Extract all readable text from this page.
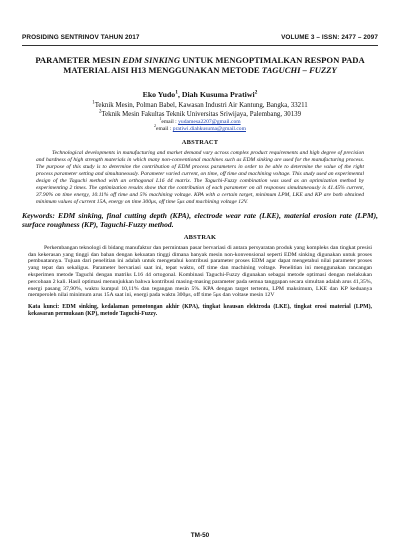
PROSIDING SENTRINOV TAHUN 2017	VOLUME 3 – ISSN: 2477 – 2097
PARAMETER MESIN EDM SINKING UNTUK MENGOPTIMALKAN RESPON PADA MATERIAL AISI H13 MENGGUNAKAN METODE TAGUCHI – FUZZY
Eko Yudo$^1$, Diah Kusuma Pratiwi$^2$
$^1$Teknik Mesin, Polman Babel, Kawasan Industri Air Kantung, Bangka, 33211
$^2$Teknik Mesin Fakultas Teknik Universitas Sriwijaya, Palembang, 30139
$^1$email : yudamesa2207@gmail.com
$^2$email : pratiwi.diahkusuma@gmail.com
ABSTRACT
Technological developments in manufacturing and market demand vary across complex product requirements and high degree of precision and hardness of high strength materials in which many non-conventional machines such as EDM sinking are used for the manufacturing process. The purpose of this study is to determine the contribution of EDM process parameters in order to be able to determine the value of the right process parameter setting and simultaneously. Parameter varied current, on time, off time and machining voltage. This study used an experimental design of the Taguchi method with an orthogonal L16 44 matrix. The Taguchi-Fuzzy combination was used as an optimization method by experimenting 2 times. The optimization results show that the contribution of each parameter on all responses simultaneously is 41.45% current, 37.90% on time energy, 10.11% off time and 5% machining voltage. KPA with a certain target, minimum LPM, LKE and KP are both obtained minimum values of current 15A, energy on time 300μs, off time 5μs and machining voltage 12V.
Keywords: EDM sinking, final cutting depth (KPA), electrode wear rate (LKE), material erosion rate (LPM), surface roughness (KP), Taguchi-Fuzzy method.
ABSTRAK
Perkembangan teknologi di bidang manufaktur dan permintaan pasar bervariasi di antara persyaratan produk yang kompleks dan tingkat presisi dan kekerasan yang tinggi dan bahan dengan kekuatan tinggi dimana banyak mesin non-konvensional seperti EDM sinking digunakan untuk proses pembuatannya. Tujuan dari penelitian ini adalah untuk mengetahui kontribusi parameter proses EDM agar dapat mengetahui nilai parameter proses yang tepat dan sekaligus. Parameter bervariasi saat ini, tepat waktu, off time dan machining voltage. Penelitian ini menggunakan rancangan eksperimen metode Taguchi dengan matriks L16 44 ortogonal. Kombinasi Taguchi-Fuzzy digunakan sebagai metode optimasi dengan melakukan percobaan 2 kali. Hasil optimasi menunjukkan bahwa kontribusi masing-masing parameter pada semua tanggapan secara simultan adalah arus 41,35%, energi pasang 37,90%, waktu kumpul 10,11% dan tegangan mesin 5%. KPA dengan target tertentu, LPM maksimum, LKE dan KP keduanya memperoleh nilai minimum arus 15A saat ini, energi pada waktu 300μs, off time 5μs dan voltase mesin 12V
Kata kunci: EDM sinking, kedalaman pemotongan akhir (KPA), tingkat keausan elektroda (LKE), tingkat erosi material (LPM), kekasaran permukaan (KP), metode Taguchi-Fuzzy.
TM-50
